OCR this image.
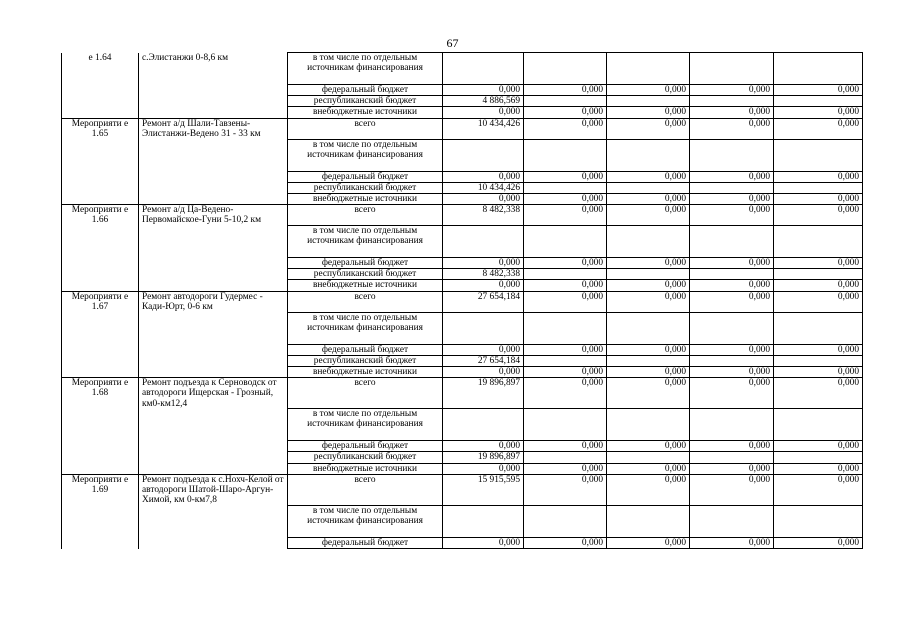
67
е 1.64	с.Элистанжи 0-8,6 км	в том числе по отдельным источникам финансирования					
		федеральный бюджет	0,000	0,000	0,000	0,000	0,000
		республиканский бюджет	4 886,569				
		внебюджетные источники	0,000	0,000	0,000	0,000	0,000
Мероприяти е 1.65	Ремонт а/д Шали-Тавзены-Элистанжи-Ведено 31 - 33 км	всего	10 434,426	0,000	0,000	0,000	0,000
		в том числе по отдельным источникам финансирования					
		федеральный бюджет	0,000	0,000	0,000	0,000	0,000
		республиканский бюджет	10 434,426				
		внебюджетные источники	0,000	0,000	0,000	0,000	0,000
Мероприяти е 1.66	Ремонт а/д Ца-Ведено-Первомайское-Гуни 5-10,2 км	всего	8 482,338	0,000	0,000	0,000	0,000
		в том числе по отдельным источникам финансирования					
		федеральный бюджет	0,000	0,000	0,000	0,000	0,000
		республиканский бюджет	8 482,338				
		внебюджетные источники	0,000	0,000	0,000	0,000	0,000
Мероприяти е 1.67	Ремонт автодороги Гудермес - Кади-Юрт, 0-6 км	всего	27 654,184	0,000	0,000	0,000	0,000
		в том числе по отдельным источникам финансирования					
		федеральный бюджет	0,000	0,000	0,000	0,000	0,000
		республиканский бюджет	27 654,184				
		внебюджетные источники	0,000	0,000	0,000	0,000	0,000
Мероприяти е 1.68	Ремонт подъезда к Серноводск от автодороги Ищерская - Грозный, км0-км12,4	всего	19 896,897	0,000	0,000	0,000	0,000
		в том числе по отдельным источникам финансирования					
		федеральный бюджет	0,000	0,000	0,000	0,000	0,000
		республиканский бюджет	19 896,897				
		внебюджетные источники	0,000	0,000	0,000	0,000	0,000
Мероприяти е 1.69	Ремонт подъезда к с.Нохч-Келой от автодороги Шатой-Шаро-Аргун-Химой, км 0-км7,8	всего	15 915,595	0,000	0,000	0,000	0,000
		в том числе по отдельным источникам финансирования					
		федеральный бюджет	0,000	0,000	0,000	0,000	0,000
